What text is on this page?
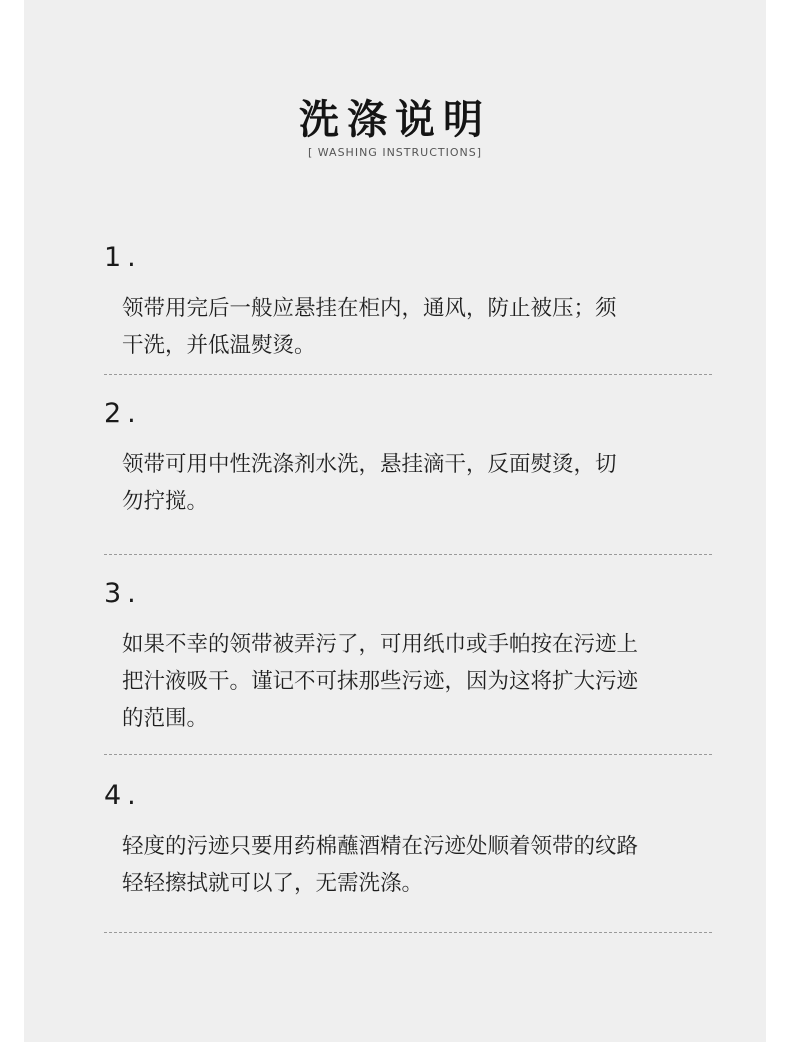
洗涤说明
[ WASHING INSTRUCTIONS]
1.
领带用完后一般应悬挂在柜内，通风，防止被压；须
干洗，并低温熨烫。
2.
领带可用中性洗涤剂水洗，悬挂滴干，反面熨烫，切
勿拧搅。
3.
如果不幸的领带被弄污了，可用纸巾或手帕按在污迹上
把汁液吸干。谨记不可抹那些污迹，因为这将扩大污迹
的范围。
4.
轻度的污迹只要用药棉蘸酒精在污迹处顺着领带的纹路
轻轻擦拭就可以了，无需洗涤。
